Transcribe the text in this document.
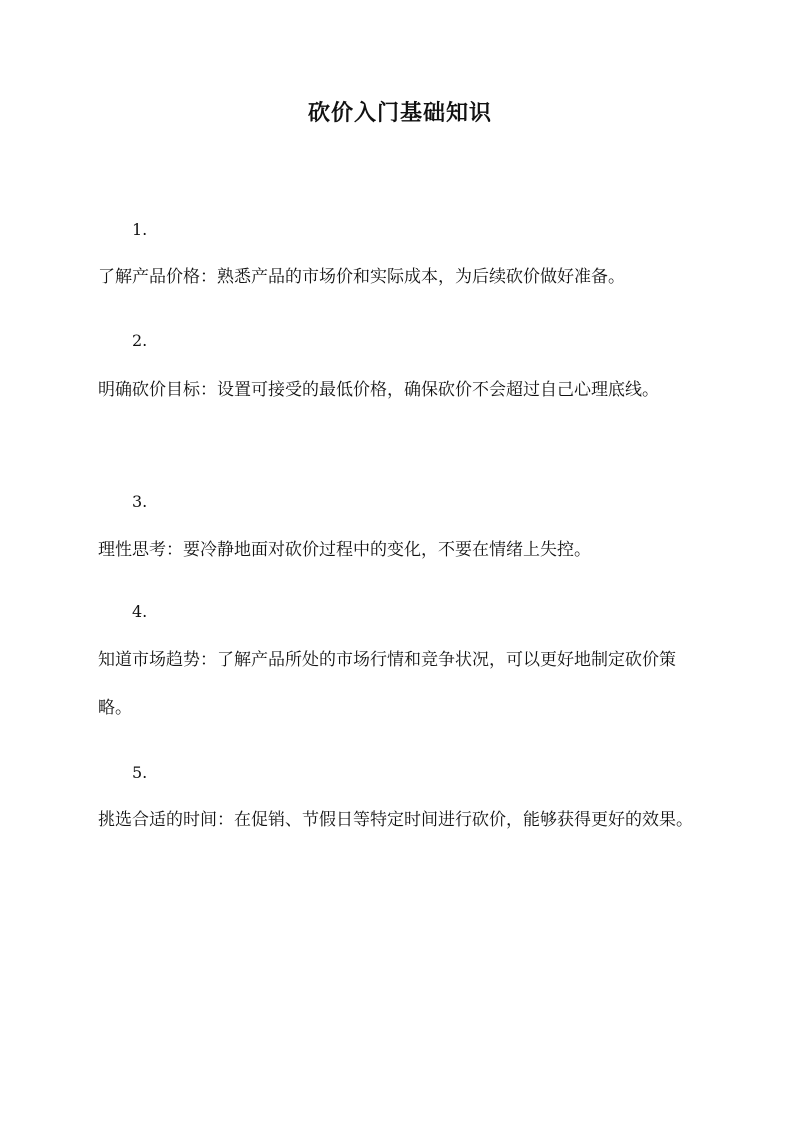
砍价入门基础知识
1.
了解产品价格：熟悉产品的市场价和实际成本，为后续砍价做好准备。
2.
明确砍价目标：设置可接受的最低价格，确保砍价不会超过自己心理底线。
3.
理性思考：要冷静地面对砍价过程中的变化，不要在情绪上失控。
4.
知道市场趋势：了解产品所处的市场行情和竞争状况，可以更好地制定砍价策略。
5.
挑选合适的时间：在促销、节假日等特定时间进行砍价，能够获得更好的效果。
